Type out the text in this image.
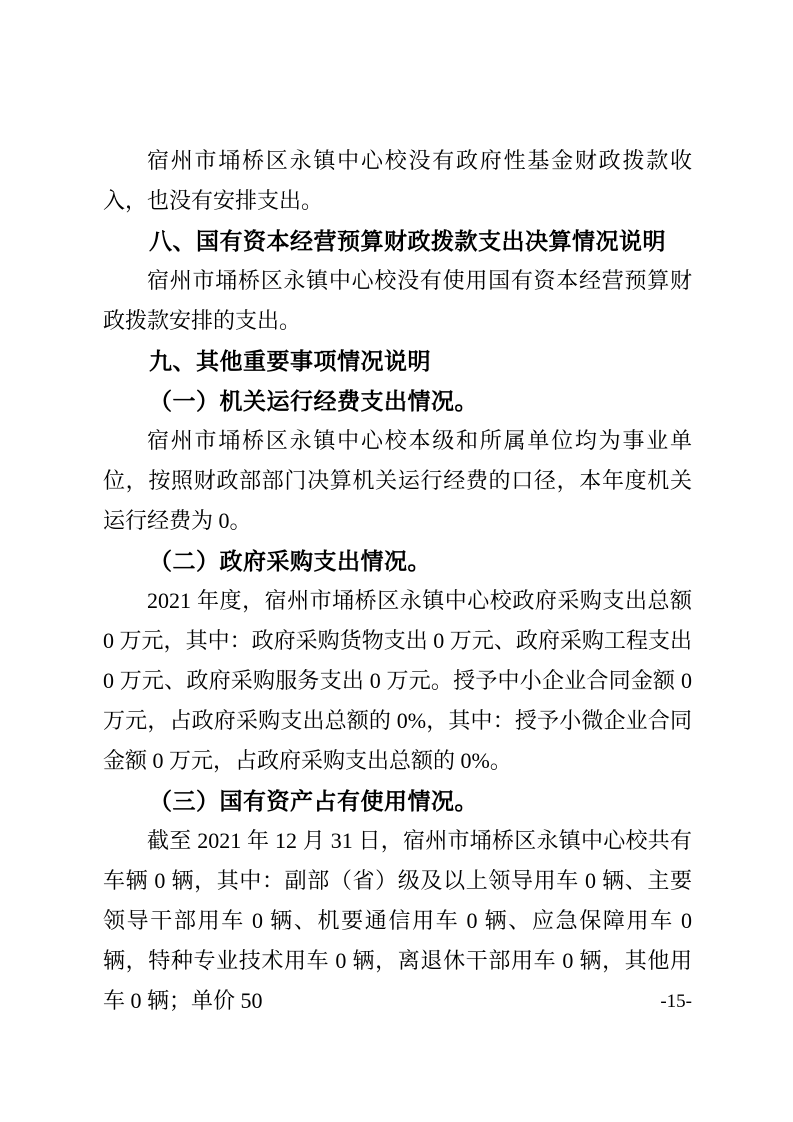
宿州市埇桥区永镇中心校没有政府性基金财政拨款收入，也没有安排支出。
八、国有资本经营预算财政拨款支出决算情况说明
宿州市埇桥区永镇中心校没有使用国有资本经营预算财政拨款安排的支出。
九、其他重要事项情况说明
（一）机关运行经费支出情况。
宿州市埇桥区永镇中心校本级和所属单位均为事业单位，按照财政部部门决算机关运行经费的口径，本年度机关运行经费为 0。
（二）政府采购支出情况。
2021 年度，宿州市埇桥区永镇中心校政府采购支出总额 0 万元，其中：政府采购货物支出 0 万元、政府采购工程支出 0 万元、政府采购服务支出 0 万元。授予中小企业合同金额 0 万元，占政府采购支出总额的 0%，其中：授予小微企业合同金额 0 万元，占政府采购支出总额的 0%。
（三）国有资产占有使用情况。
截至 2021 年 12 月 31 日，宿州市埇桥区永镇中心校共有车辆 0 辆，其中：副部（省）级及以上领导用车 0 辆、主要领导干部用车 0 辆、机要通信用车 0 辆、应急保障用车 0 辆，特种专业技术用车 0 辆，离退休干部用车 0 辆，其他用车 0 辆；单价 50	-15-
